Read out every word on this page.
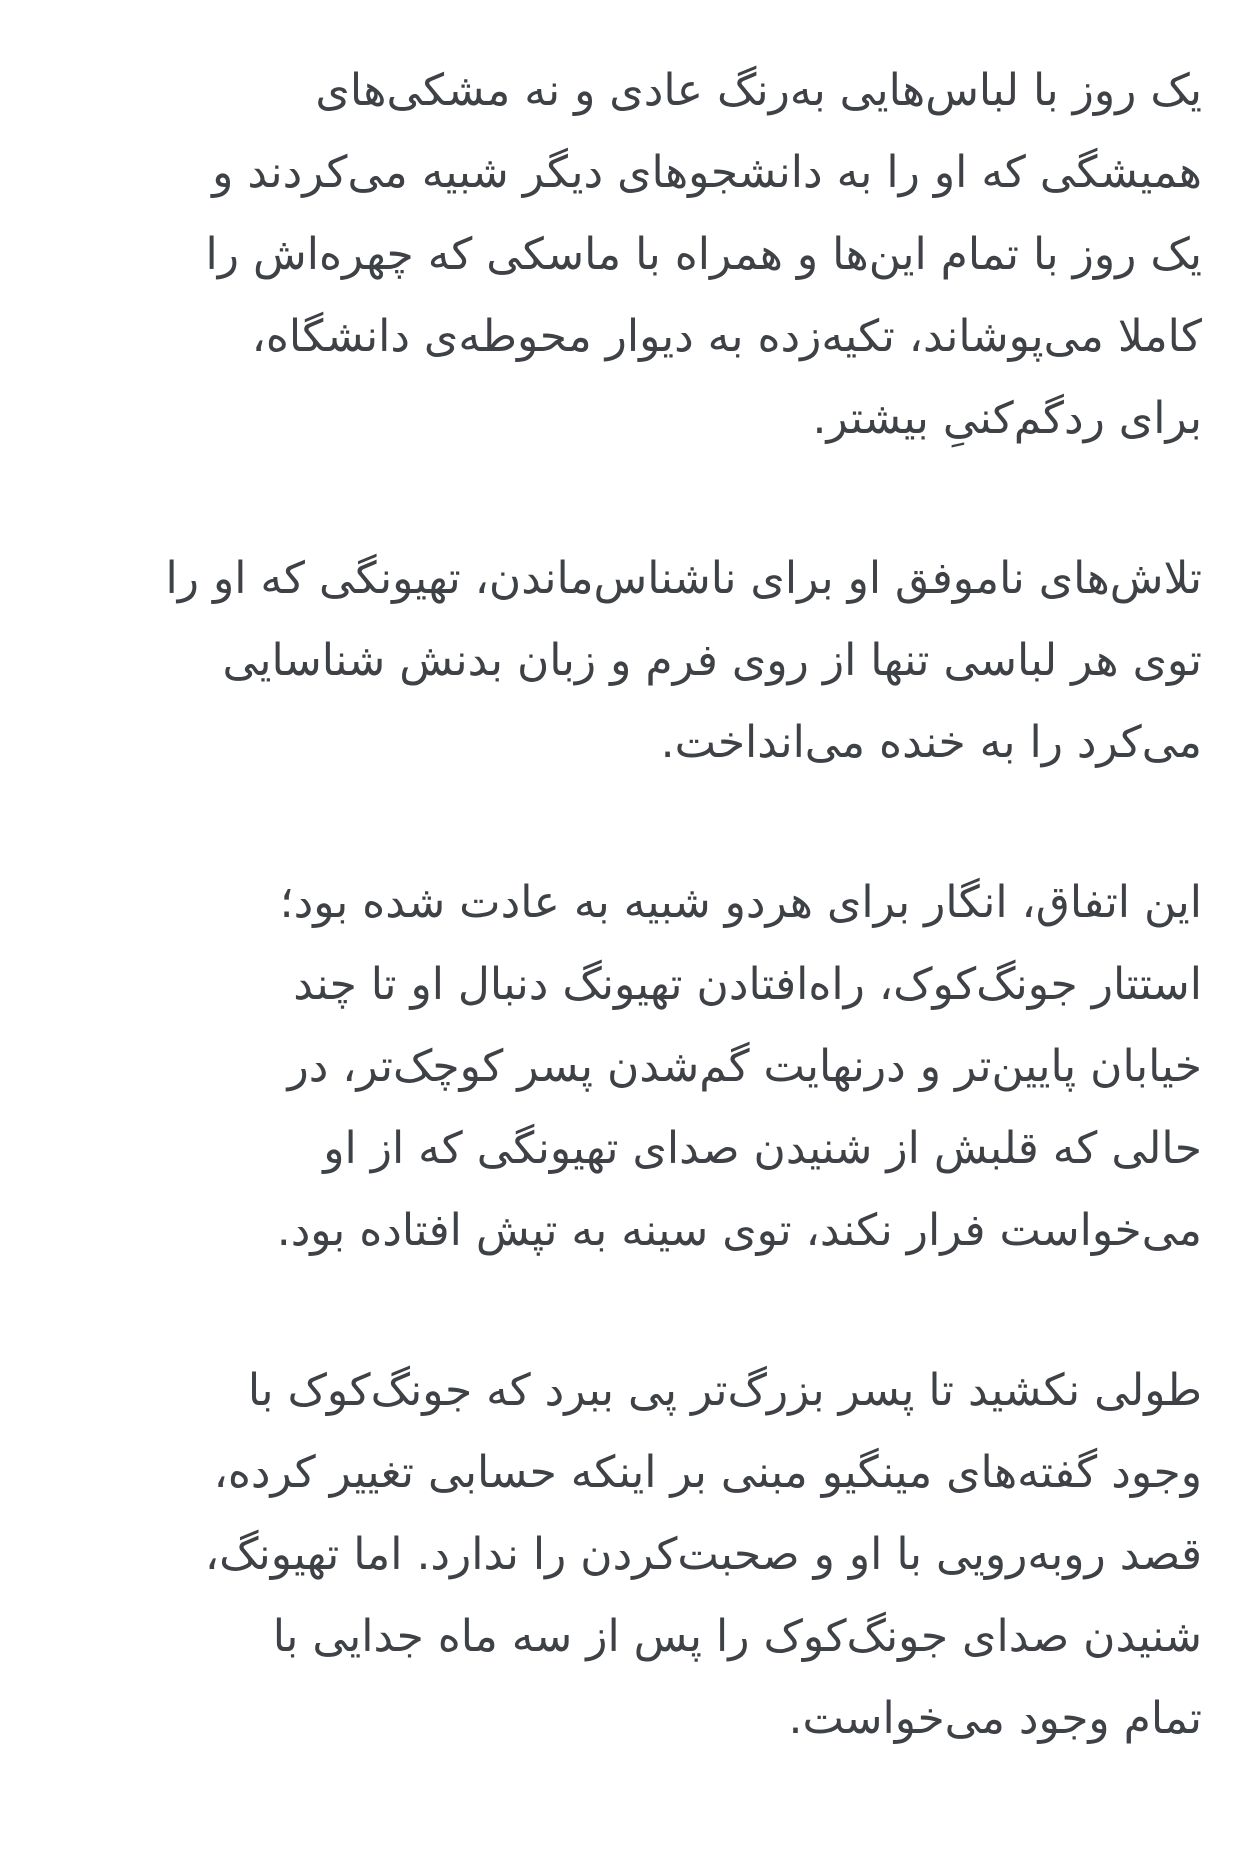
یک روز با لباس‌هایی به‌رنگ عادی و نه مشکی‌های
همیشگی که او را به دانشجوهای دیگر شبیه می‌کردند و
یک روز با تمام این‌ها و همراه با ماسکی که چهره‌اش را
کاملا می‌پوشاند، تکیه‌زده به دیوار محوطه‌ی دانشگاه،
برای ردگم‌کنیِ بیشتر.
تلاش‌های ناموفق او برای ناشناس‌ماندن، تهیونگی که او را
توی هر لباسی تنها از روی فرم و زبان بدنش شناسایی
می‌کرد را به خنده می‌انداخت.
این اتفاق، انگار برای هردو شبیه به عادت شده بود؛
استتار جونگ‌کوک، راه‌افتادن تهیونگ دنبال او تا چند
خیابان پایین‌تر و درنهایت گم‌شدن پسر کوچک‌تر، در
حالی که قلبش از شنیدن صدای تهیونگی که از او
می‌خواست فرار نکند، توی سینه به تپش افتاده بود.
طولی نکشید تا پسر بزرگ‌تر پی ببرد که جونگ‌کوک با
وجود گفته‌های مینگیو مبنی بر اینکه حسابی تغییر کرده،
قصد روبه‌رویی با او و صحبت‌کردن را ندارد. اما تهیونگ،
شنیدن صدای جونگ‌کوک را پس از سه ماه جدایی با
تمام وجود می‌خواست.
